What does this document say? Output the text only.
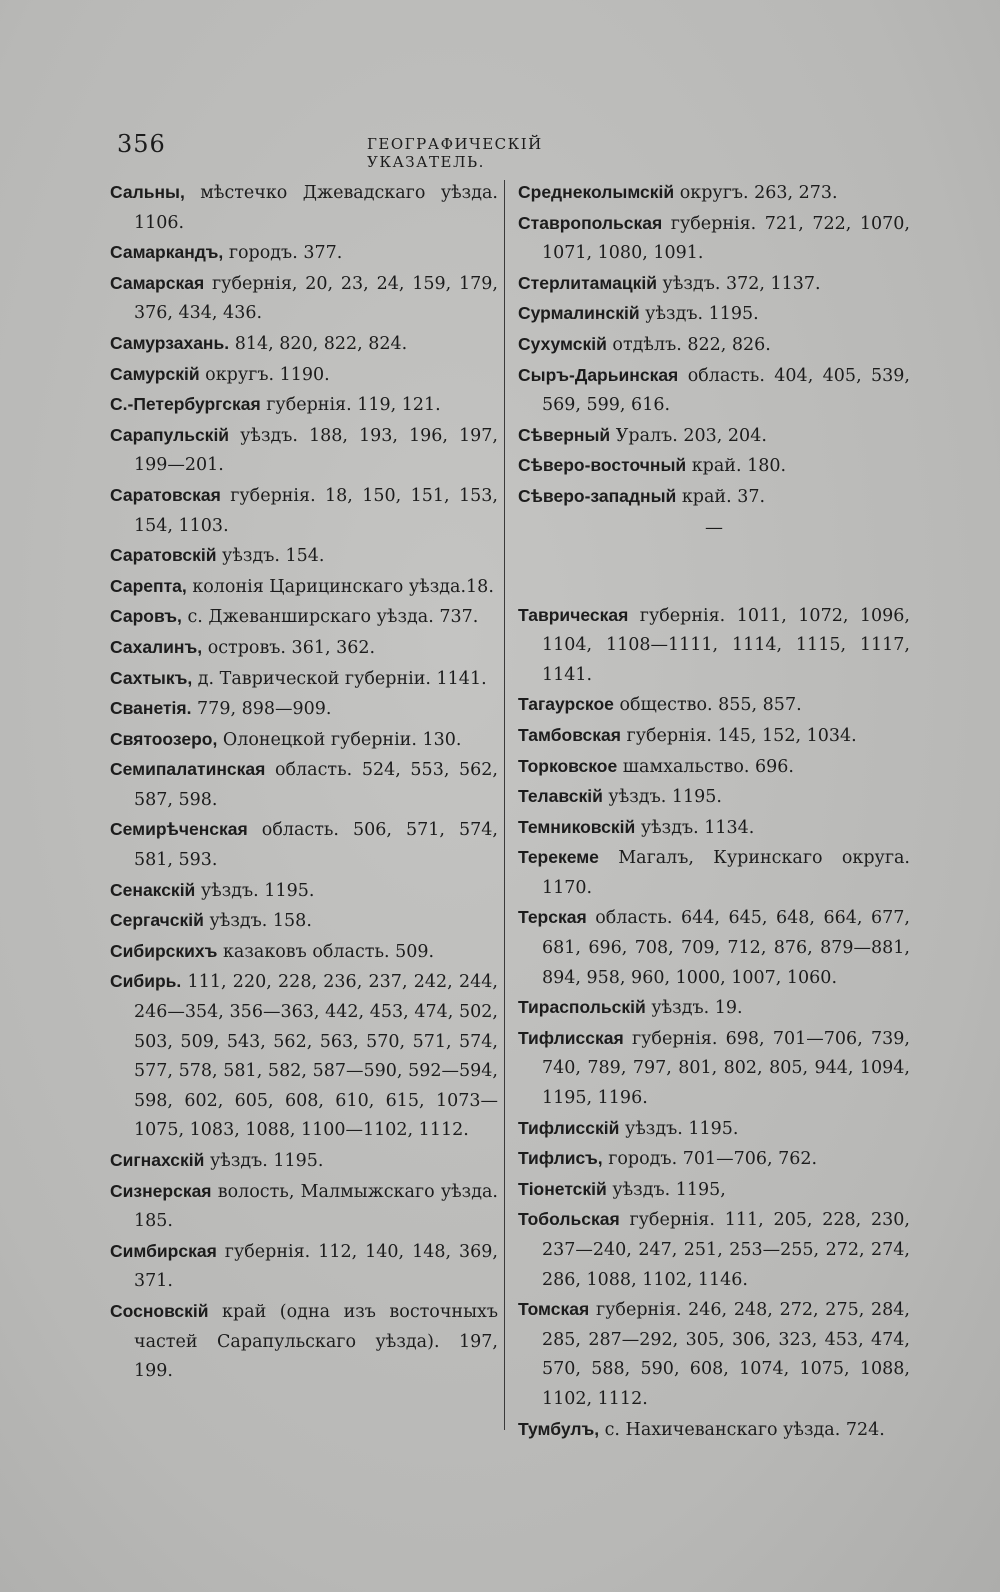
356	ГЕОГРАФИЧЕСКІЙ УКАЗАТЕЛЬ.

Сальны, мѣстечко Джевадскаго уѣзда. 1106.

Самаркандъ, городъ. 377.

Самарская губернія, 20, 23, 24, 159, 179, 376, 434, 436.

Самурзахань. 814, 820, 822, 824.

Самурскій округъ. 1190.

С.-Петербургская губернія. 119, 121.

Сарапульскій уѣздъ. 188, 193, 196, 197, 199—201.

Саратовская губернія. 18, 150, 151, 153, 154, 1103.

Саратовскій уѣздъ. 154.

Сарепта, колонія Царицинскаго уѣзда.18.

Саровъ, с. Джеванширскаго уѣзда. 737.

Сахалинъ, островъ. 361, 362.

Сахтыкъ, д. Таврической губерніи. 1141.

Сванетія. 779, 898—909.

Святоозеро, Олонецкой губерніи. 130.

Семипалатинская область. 524, 553, 562, 587, 598.

Семирѣченская область. 506, 571, 574, 581, 593.

Сенакскій уѣздъ. 1195.

Сергачскій уѣздъ. 158.

Сибирскихъ казаковъ область. 509.

Сибирь. 111, 220, 228, 236, 237, 242, 244, 246—354, 356—363, 442, 453, 474, 502, 503, 509, 543, 562, 563, 570, 571, 574, 577, 578, 581, 582, 587—590, 592—594, 598, 602, 605, 608, 610, 615, 1073—1075, 1083, 1088, 1100—1102, 1112.

Сигнахскій уѣздъ. 1195.

Сизнерская волость, Малмыжскаго уѣзда. 185.

Симбирская губернія. 112, 140, 148, 369, 371.

Сосновскій край (одна изъ восточныхъ частей Сарапульскаго уѣзда). 197, 199.

Среднеколымскій округъ. 263, 273.

Ставропольская губернія. 721, 722, 1070, 1071, 1080, 1091.

Стерлитамацкій уѣздъ. 372, 1137.

Сурмалинскій уѣздъ. 1195.

Сухумскій отдѣлъ. 822, 826.

Сыръ-Дарьинская область. 404, 405, 539, 569, 599, 616.

Сѣверный Уралъ. 203, 204.

Сѣверо-восточный край. 180.

Сѣверо-западный край. 37.

—

Таврическая губернія. 1011, 1072, 1096, 1104, 1108—1111, 1114, 1115, 1117, 1141.

Тагаурское общество. 855, 857.

Тамбовская губернія. 145, 152, 1034.

Торковское шамхальство. 696.

Телавскій уѣздъ. 1195.

Темниковскій уѣздъ. 1134.

Терекеме Магалъ, Куринскаго округа. 1170.

Терская область. 644, 645, 648, 664, 677, 681, 696, 708, 709, 712, 876, 879—881, 894, 958, 960, 1000, 1007, 1060.

Тираспольскій уѣздъ. 19.

Тифлисская губернія. 698, 701—706, 739, 740, 789, 797, 801, 802, 805, 944, 1094, 1195, 1196.

Тифлисскій уѣздъ. 1195.

Тифлисъ, городъ. 701—706, 762.

Тіонетскій уѣздъ. 1195,

Тобольская губернія. 111, 205, 228, 230, 237—240, 247, 251, 253—255, 272, 274, 286, 1088, 1102, 1146.

Томская губернія. 246, 248, 272, 275, 284, 285, 287—292, 305, 306, 323, 453, 474, 570, 588, 590, 608, 1074, 1075, 1088, 1102, 1112.

Тумбулъ, с. Нахичеванскаго уѣзда. 724.
